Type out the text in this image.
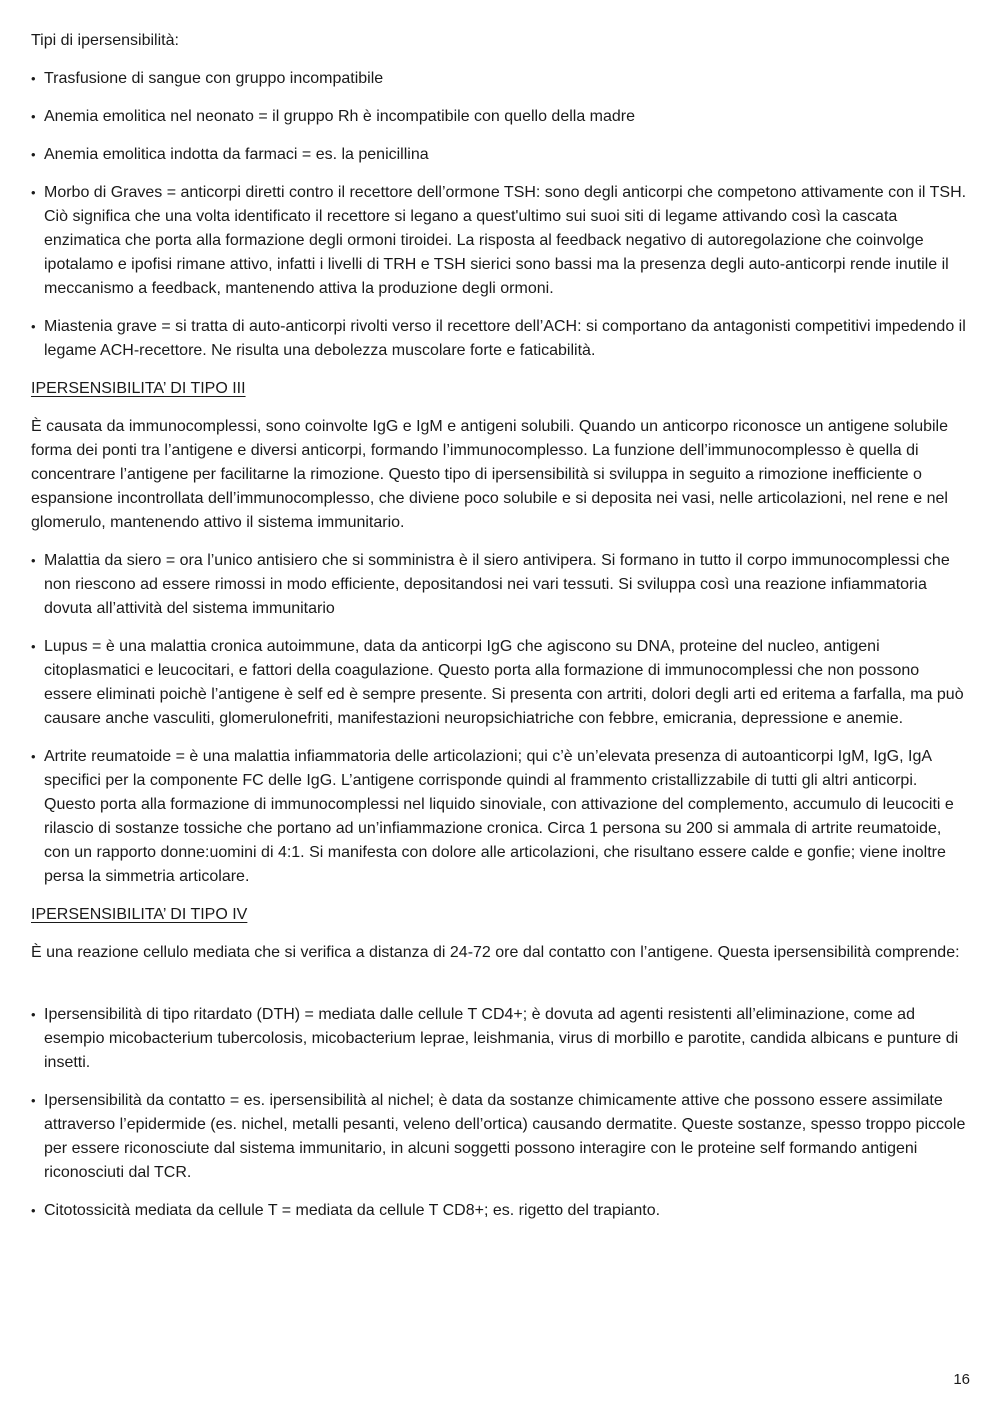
Tipi di ipersensibilità:

• Trasfusione di sangue con gruppo incompatibile
• Anemia emolitica nel neonato = il gruppo Rh è incompatibile con quello della madre
• Anemia emolitica indotta da farmaci = es. la penicillina
• Morbo di Graves = anticorpi diretti contro il recettore dell’ormone TSH: sono degli anticorpi che competono attivamente con il TSH. Ciò significa che una volta identificato il recettore si legano a quest'ultimo sui suoi siti di legame attivando così la cascata enzimatica che porta alla formazione degli ormoni tiroidei. La risposta al feedback negativo di autoregolazione che coinvolge ipotalamo e ipofisi rimane attivo, infatti i livelli di TRH e TSH sierici sono bassi ma la presenza degli auto-anticorpi rende inutile il meccanismo a feedback, mantenendo attiva la produzione degli ormoni.
• Miastenia grave = si tratta di auto-anticorpi rivolti verso il recettore dell’ACH: si comportano da antagonisti competitivi impedendo il legame ACH-recettore. Ne risulta una debolezza muscolare forte e faticabilità.

IPERSENSIBILITA’ DI TIPO III

È causata da immunocomplessi, sono coinvolte IgG e IgM e antigeni solubili. Quando un anticorpo riconosce un antigene solubile forma dei ponti tra l’antigene e diversi anticorpi, formando l’immunocomplesso. La funzione dell’immunocomplesso è quella di concentrare l’antigene per facilitarne la rimozione. Questo tipo di ipersensibilità si sviluppa in seguito a rimozione inefficiente o espansione incontrollata dell’immunocomplesso, che diviene poco solubile e si deposita nei vasi, nelle articolazioni, nel rene e nel glomerulo, mantenendo attivo il sistema immunitario.

• Malattia da siero = ora l’unico antisiero che si somministra è il siero antivipera. Si formano in tutto il corpo immunocomplessi che non riescono ad essere rimossi in modo efficiente, depositandosi nei vari tessuti. Si sviluppa così una reazione infiammatoria dovuta all’attività del sistema immunitario
• Lupus = è una malattia cronica autoimmune, data da anticorpi IgG che agiscono su DNA, proteine del nucleo, antigeni citoplasmatici e leucocitari, e fattori della coagulazione. Questo porta alla formazione di immunocomplessi che non possono essere eliminati poichè l’antigene è self ed è sempre presente. Si presenta con artriti, dolori degli arti ed eritema a farfalla, ma può causare anche vasculiti, glomerulonefriti, manifestazioni neuropsichiatriche con febbre, emicrania, depressione e anemie.
• Artrite reumatoide = è una malattia infiammatoria delle articolazioni; qui c’è un’elevata presenza di autoanticorpi IgM, IgG, IgA specifici per la componente FC delle IgG. L’antigene corrisponde quindi al frammento cristallizzabile di tutti gli altri anticorpi. Questo porta alla formazione di immunocomplessi nel liquido sinoviale, con attivazione del complemento, accumulo di leucociti e rilascio di sostanze tossiche che portano ad un’infiammazione cronica. Circa 1 persona su 200 si ammala di artrite reumatoide, con un rapporto donne:uomini di 4:1. Si manifesta con dolore alle articolazioni, che risultano essere calde e gonfie; viene inoltre persa la simmetria articolare.

IPERSENSIBILITA’ DI TIPO IV

È una reazione cellulo mediata che si verifica a distanza di 24-72 ore dal contatto con l’antigene. Questa ipersensibilità comprende:

• Ipersensibilità di tipo ritardato (DTH) = mediata dalle cellule T CD4+; è dovuta ad agenti resistenti all’eliminazione, come ad esempio micobacterium tubercolosis, micobacterium leprae, leishmania, virus di morbillo e parotite, candida albicans e punture di insetti.
• Ipersensibilità da contatto = es. ipersensibilità al nichel; è data da sostanze chimicamente attive che possono essere assimilate attraverso l’epidermide (es. nichel, metalli pesanti, veleno dell’ortica) causando dermatite. Queste sostanze, spesso troppo piccole per essere riconosciute dal sistema immunitario, in alcuni soggetti possono interagire con le proteine self formando antigeni riconosciuti dal TCR.
• Citotossicità mediata da cellule T = mediata da cellule T CD8+; es. rigetto del trapianto.
16
